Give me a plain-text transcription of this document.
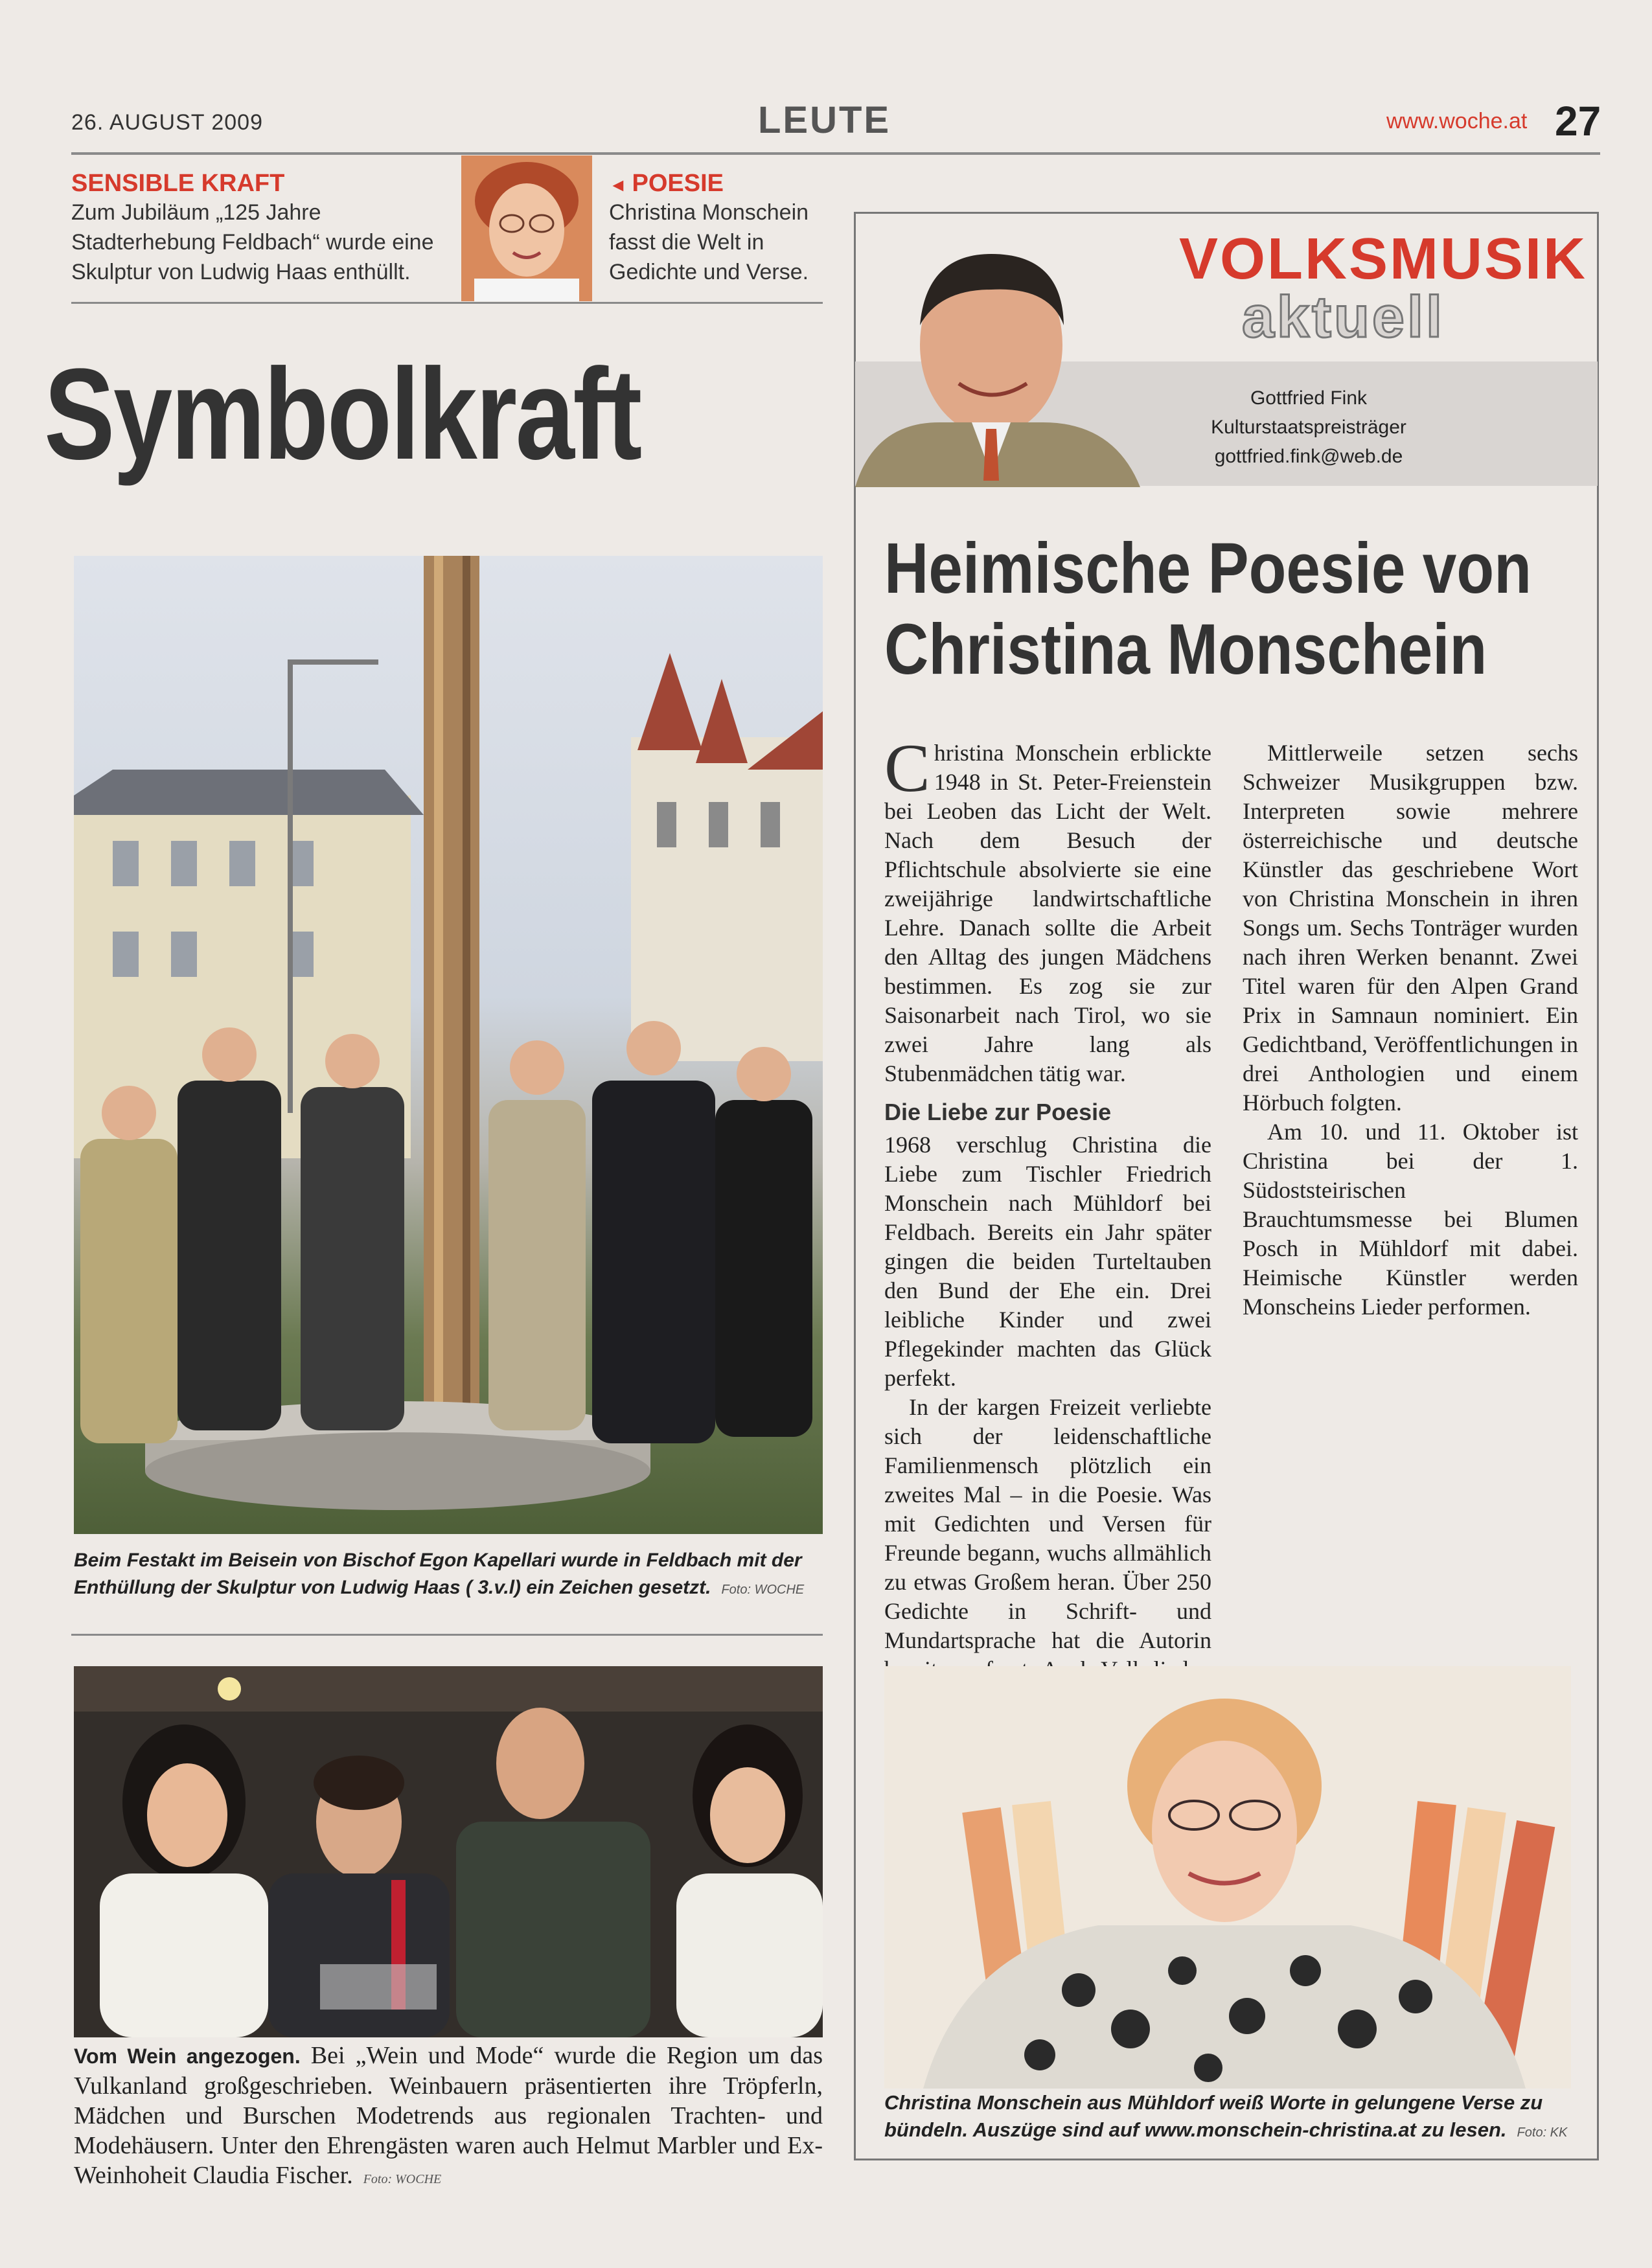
26. AUGUST 2009	LEUTE	www.woche.at 27
SENSIBLE KRAFT
Zum Jubiläum „125 Jahre Stadterhebung Feldbach“ wurde eine Skulptur von Ludwig Haas enthüllt.
◄ POESIE
Christina Monschein fasst die Welt in Gedichte und Verse.
Symbolkraft
Beim Festakt im Beisein von Bischof Egon Kapellari wurde in Feldbach mit der Enthüllung der Skulptur von Ludwig Haas ( 3.v.l) ein Zeichen gesetzt. Foto: WOCHE
Vom Wein angezogen. Bei „Wein und Mode“ wurde die Region um das Vulkanland großgeschrieben. Weinbauern präsentierten ihre Tröpferln, Mädchen und Burschen Modetrends aus regionalen Trachten- und Modehäusern. Unter den Ehrengästen waren auch Helmut Marbler und Ex-Weinhoheit Claudia Fischer. Foto: WOCHE
VOLKSMUSIK
aktuell
Gottfried Fink
Kulturstaatspreisträger
gottfried.fink@web.de
Heimische Poesie von
Christina Monschein

Christina Monschein erblickte 1948 in St. Peter-Freienstein bei Leoben das Licht der Welt. Nach dem Besuch der Pflichtschule absolvierte sie eine zweijährige landwirtschaftliche Lehre. Danach sollte die Arbeit den Alltag des jungen Mädchens bestimmen. Es zog sie zur Saisonarbeit nach Tirol, wo sie zwei Jahre lang als Stubenmädchen tätig war.

Die Liebe zur Poesie

1968 verschlug Christina die Liebe zum Tischler Friedrich Monschein nach Mühldorf bei Feldbach. Bereits ein Jahr später gingen die beiden Turteltauben den Bund der Ehe ein. Drei leibliche Kinder und zwei Pflegekinder machten das Glück perfekt.

In der kargen Freizeit verliebte sich der leidenschaftliche Familienmensch plötzlich ein zweites Mal – in die Poesie. Was mit Gedichten und Versen für Freunde begann, wuchs allmählich zu etwas Großem heran. Über 250 Gedichte in Schrift- und Mundartsprache hat die Autorin

Mittlerweile setzen sechs Schweizer Musikgruppen bzw. Interpreten sowie mehrere österreichische und deutsche Künstler das geschriebene Wort von Christina Monschein in ihren Songs um. Sechs Tonträger wurden nach ihren Werken benannt. Zwei Titel waren für den Alpen Grand Prix in Samnaun nominiert. Ein Gedichtband, Veröffentlichungen in drei Anthologien und einem Hörbuch folgten.

Am 10. und 11. Oktober ist Christina bei der 1. Südoststeirischen Brauchtumsmesse bei Blumen Posch in Mühldorf mit dabei. Heimische Künstler werden Monscheins Lieder performen.

Christina Monschein aus Mühldorf weiß Worte in gelungene Verse zu bündeln. Auszüge sind auf www.monschein-christina.at zu lesen. Foto: KK
